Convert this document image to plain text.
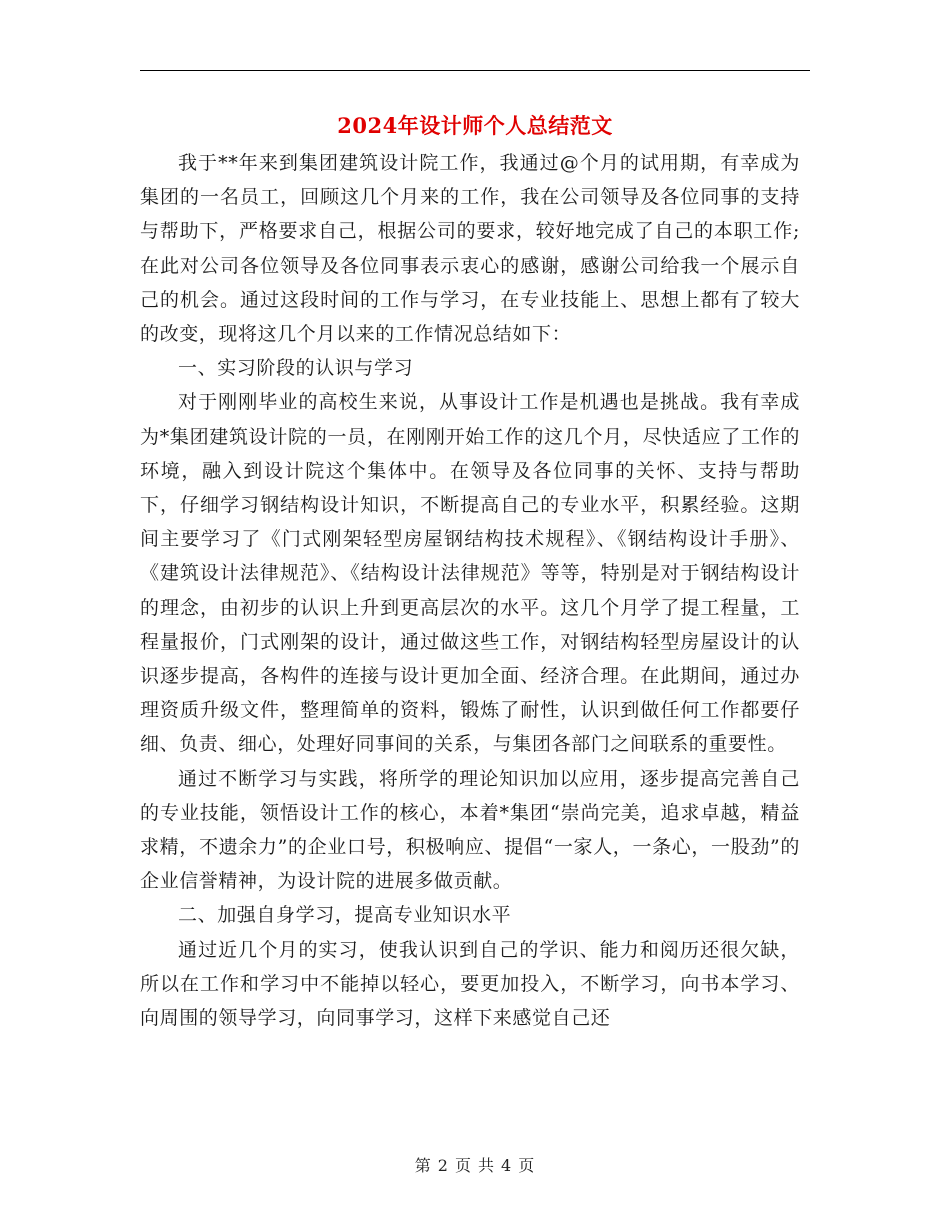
2024年设计师个人总结范文

我于**年来到集团建筑设计院工作，我通过@个月的试用期，有幸成为集团的一名员工，回顾这几个月来的工作，我在公司领导及各位同事的支持与帮助下，严格要求自己，根据公司的要求，较好地完成了自己的本职工作;在此对公司各位领导及各位同事表示衷心的感谢，感谢公司给我一个展示自己的机会。通过这段时间的工作与学习，在专业技能上、思想上都有了较大的改变，现将这几个月以来的工作情况总结如下：

一、实习阶段的认识与学习

对于刚刚毕业的高校生来说，从事设计工作是机遇也是挑战。我有幸成为*集团建筑设计院的一员，在刚刚开始工作的这几个月，尽快适应了工作的环境，融入到设计院这个集体中。在领导及各位同事的关怀、支持与帮助下，仔细学习钢结构设计知识，不断提高自己的专业水平，积累经验。这期间主要学习了《门式刚架轻型房屋钢结构技术规程》、《钢结构设计手册》、《建筑设计法律规范》、《结构设计法律规范》等等，特别是对于钢结构设计的理念，由初步的认识上升到更高层次的水平。这几个月学了提工程量，工程量报价，门式刚架的设计，通过做这些工作，对钢结构轻型房屋设计的认识逐步提高，各构件的连接与设计更加全面、经济合理。在此期间，通过办理资质升级文件，整理简单的资料，锻炼了耐性，认识到做任何工作都要仔细、负责、细心，处理好同事间的关系，与集团各部门之间联系的重要性。

通过不断学习与实践，将所学的理论知识加以应用，逐步提高完善自己的专业技能，领悟设计工作的核心，本着*集团“崇尚完美，追求卓越，精益求精，不遗余力”的企业口号，积极响应、提倡“一家人，一条心，一股劲”的企业信誉精神，为设计院的进展多做贡献。

二、加强自身学习，提高专业知识水平

通过近几个月的实习，使我认识到自己的学识、能力和阅历还很欠缺，所以在工作和学习中不能掉以轻心，要更加投入，不断学习，向书本学习、向周围的领导学习，向同事学习，这样下来感觉自己还

第 2 页 共 4 页
